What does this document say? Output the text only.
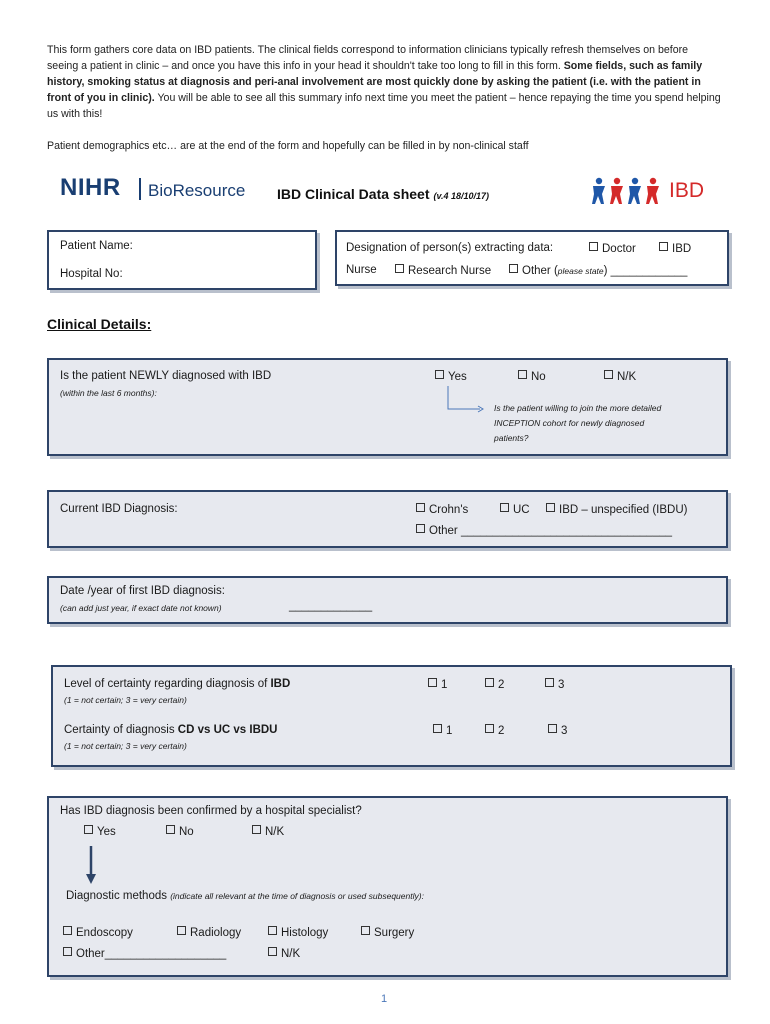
This form gathers core data on IBD patients. The clinical fields correspond to information clinicians typically refresh themselves on before seeing a patient in clinic – and once you have this info in your head it shouldn't take too long to fill in this form. Some fields, such as family history, smoking status at diagnosis and peri-anal involvement are most quickly done by asking the patient (i.e. with the patient in front of you in clinic). You will be able to see all this summary info next time you meet the patient – hence repaying the time you spend helping us with this!

Patient demographics etc… are at the end of the form and hopefully can be filled in by non-clinical staff

NIHR BioResource IBD Clinical Data sheet (v.4 18/10/17)	IBD
Patient Name:
Hospital No:
Designation of person(s) extracting data:	Doctor	IBD
Nurse	Research Nurse	Other (please state) ____________
Clinical Details:
Is the patient NEWLY diagnosed with IBD
(within the last 6 months):
Yes	No	N/K
Is the patient willing to join the more detailed
INCEPTION cohort for newly diagnosed
patients?
Current IBD Diagnosis:	Crohn's	UC	IBD – unspecified (IBDU)
Other _________________________________
Date /year of first IBD diagnosis:
(can add just year, if exact date not known)	_____________
Level of certainty regarding diagnosis of IBD
(1 = not certain; 3 = very certain)
1	2	3
Certainty of diagnosis CD vs UC vs IBDU
(1 = not certain; 3 = very certain)
1	2	3
Has IBD diagnosis been confirmed by a hospital specialist?
Yes	No	N/K
Diagnostic methods (indicate all relevant at the time of diagnosis or used subsequently):
Endoscopy	Radiology	Histology	Surgery
Other___________________	N/K
1
